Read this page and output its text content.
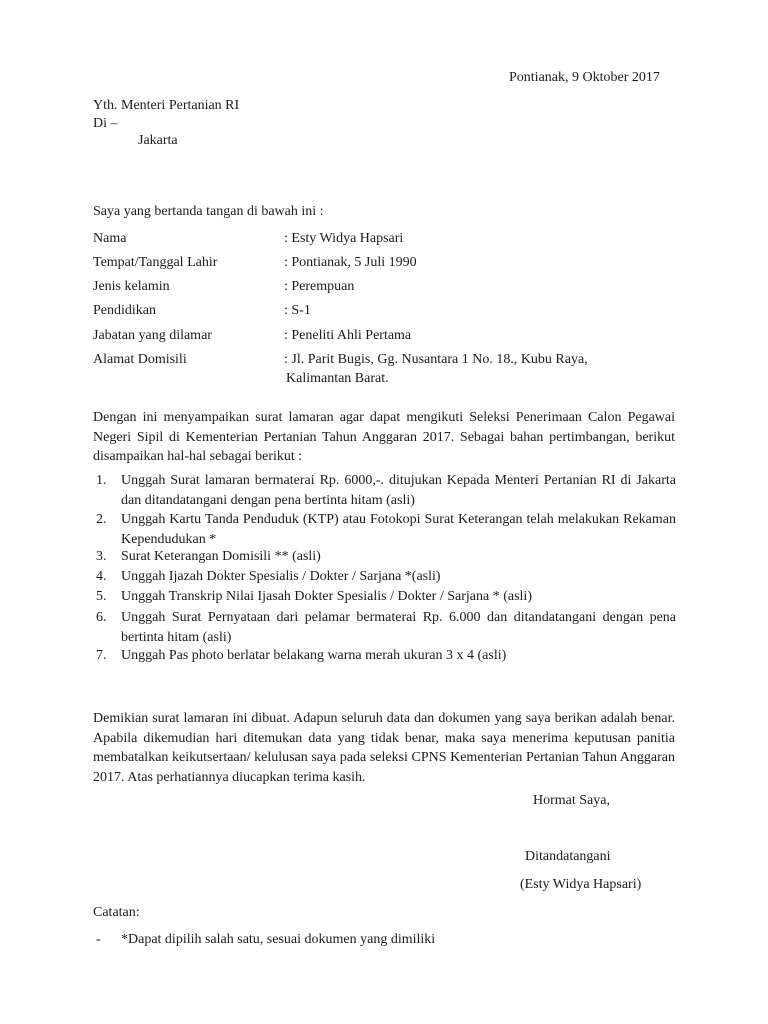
Pontianak, 9 Oktober 2017
Yth. Menteri Pertanian RI
Di –
Jakarta
Saya yang bertanda tangan di bawah ini :
Nama	: Esty Widya Hapsari
Tempat/Tanggal Lahir	: Pontianak, 5 Juli 1990
Jenis kelamin	: Perempuan
Pendidikan	: S-1
Jabatan yang dilamar	: Peneliti Ahli Pertama
Alamat Domisili	: Jl. Parit Bugis, Gg. Nusantara 1 No. 18., Kubu Raya,
Kalimantan Barat.
Dengan ini menyampaikan surat lamaran agar dapat mengikuti Seleksi Penerimaan Calon Pegawai Negeri Sipil di Kementerian Pertanian Tahun Anggaran 2017. Sebagai bahan pertimbangan, berikut disampaikan hal-hal sebagai berikut :
1. Unggah Surat lamaran bermaterai Rp. 6000,-. ditujukan Kepada Menteri Pertanian RI di Jakarta dan ditandatangani dengan pena bertinta hitam (asli)
2. Unggah Kartu Tanda Penduduk (KTP) atau Fotokopi Surat Keterangan telah melakukan Rekaman Kependudukan *
3. Surat Keterangan Domisili ** (asli)
4. Unggah Ijazah Dokter Spesialis / Dokter / Sarjana *(asli)
5. Unggah Transkrip Nilai Ijasah Dokter Spesialis / Dokter / Sarjana * (asli)
6. Unggah Surat Pernyataan dari pelamar bermaterai Rp. 6.000 dan ditandatangani dengan pena bertinta hitam (asli)
7. Unggah Pas photo berlatar belakang warna merah ukuran 3 x 4 (asli)
Demikian surat lamaran ini dibuat. Adapun seluruh data dan dokumen yang saya berikan adalah benar. Apabila dikemudian hari ditemukan data yang tidak benar, maka saya menerima keputusan panitia membatalkan keikutsertaan/ kelulusan saya pada seleksi CPNS Kementerian Pertanian Tahun Anggaran 2017. Atas perhatiannya diucapkan terima kasih.
Hormat Saya,
Ditandatangani
(Esty Widya Hapsari)
Catatan:
- *Dapat dipilih salah satu, sesuai dokumen yang dimiliki
